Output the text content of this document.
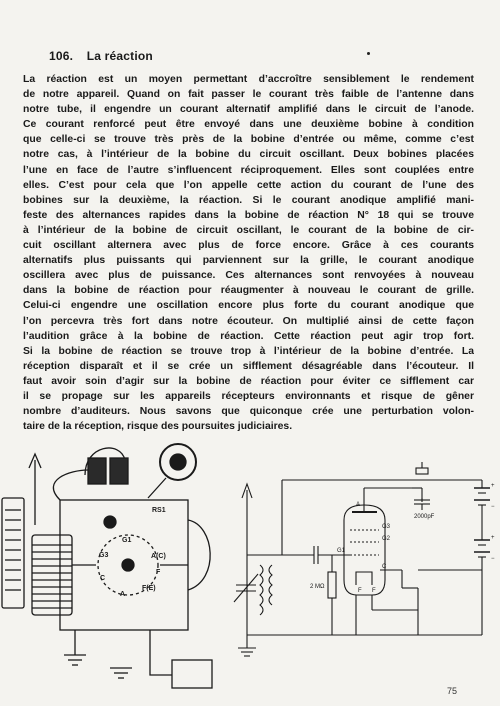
106. La réaction
La réaction est un moyen permettant d’accroître sensiblement le rendement
de notre appareil. Quand on fait passer le courant très faible de l’antenne dans
notre tube, il engendre un courant alternatif amplifié dans le circuit de l’anode.
Ce courant renforcé peut être envoyé dans une deuxième bobine à condition
que celle-ci se trouve très près de la bobine d’entrée ou même, comme c’est
notre cas, à l’intérieur de la bobine du circuit oscillant. Deux bobines placées
l’une en face de l’autre s’influencent réciproquement. Elles sont couplées entre
elles. C’est pour cela que l’on appelle cette action du courant de l’une des
bobines sur la deuxième, la réaction. Si le courant anodique amplifié mani-
feste des alternances rapides dans la bobine de réaction N° 18 qui se trouve
à l’intérieur de la bobine de circuit oscillant, le courant de la bobine de cir-
cuit oscillant alternera avec plus de force encore. Grâce à ces courants
alternatifs plus puissants qui parviennent sur la grille, le courant anodique
oscillera avec plus de puissance. Ces alternances sont renvoyées à nouveau
dans la bobine de réaction pour réaugmenter à nouveau le courant de grille.
Celui-ci engendre une oscillation encore plus forte du courant anodique que
l’on percevra très fort dans notre écouteur. On multiplié ainsi de cette façon
l’audition grâce à la bobine de réaction. Cette réaction peut agir trop fort.
Si la bobine de réaction se trouve trop à l’intérieur de la bobine d’entrée. La
réception disparaît et il se crée un sifflement désagréable dans l’écouteur. Il
faut avoir soin d’agir sur la bobine de réaction pour éviter ce sifflement car
il se propage sur les appareils récepteurs environnants et risque de gêner
nombre d’auditeurs. Nous savons que quiconque crée une perturbation volon-
taire de la réception, risque des poursuites judiciaires.
RS1
G3
G1
A(C)
C
F
F(E)
A
2000pF
2 MΩ
A
G3
G2
G1
C
F F
+
−
+
−
75
